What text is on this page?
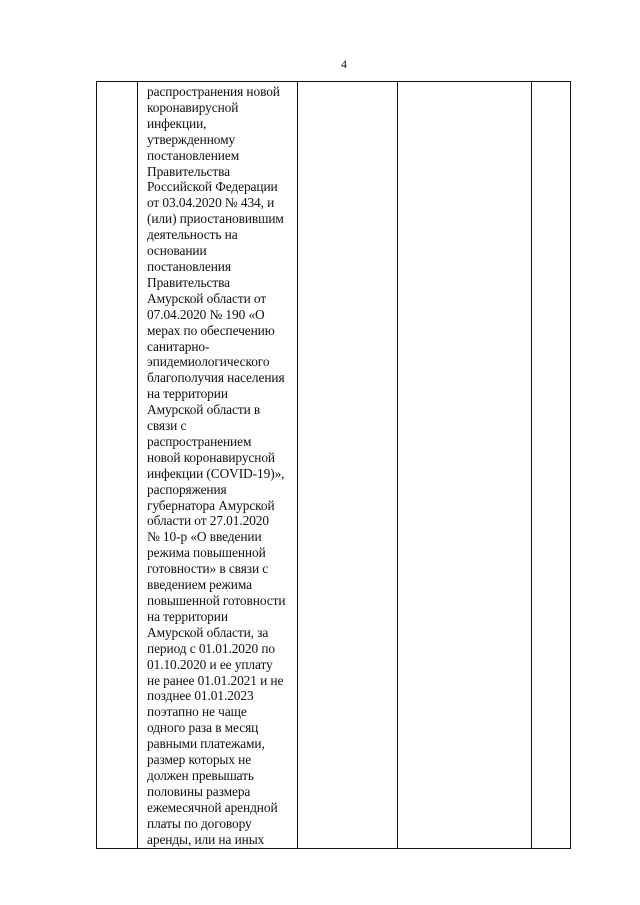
4

распространения новой
коронавирусной
инфекции,
утвержденному
постановлением
Правительства
Российской Федерации
от 03.04.2020 № 434, и
(или) приостановившим
деятельность на
основании
постановления
Правительства
Амурской области от
07.04.2020 № 190 «О
мерах по обеспечению
санитарно-
эпидемиологического
благополучия населения
на территории
Амурской области в
связи с
распространением
новой коронавирусной
инфекции (COVID-19)»,
распоряжения
губернатора Амурской
области от 27.01.2020
№ 10-р «О введении
режима повышенной
готовности» в связи с
введением режима
повышенной готовности
на территории
Амурской области, за
период с 01.01.2020 по
01.10.2020 и ее уплату
не ранее 01.01.2021 и не
позднее 01.01.2023
поэтапно не чаще
одного раза в месяц
равными платежами,
размер которых не
должен превышать
половины размера
ежемесячной арендной
платы по договору
аренды, или на иных
